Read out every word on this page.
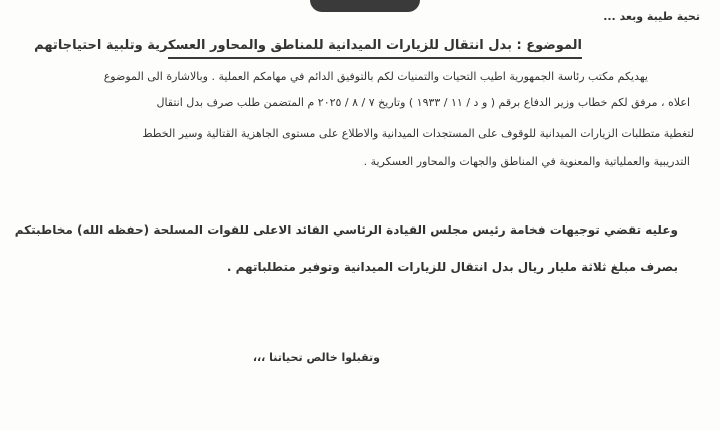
تحية طيبة وبعد ...
الموضوع : بدل انتقال للزيارات الميدانية للمناطق والمحاور العسكرية وتلبية احتياجاتهم
يهديكم مكتب رئاسة الجمهورية اطيب التحيات والتمنيات لكم بالتوفيق الدائم في مهامكم العملية . وبالاشارة الى الموضوع
اعلاه ، مرفق لكم خطاب وزير الدفاع برقم ( و د / ١١ / ١٩٣٣ ) وتاريخ ٧ / ٨ / ٢٠٢٥ م المتضمن طلب صرف بدل انتقال
لتغطية متطلبات الزيارات الميدانية للوقوف على المستجدات الميدانية والاطلاع على مستوى الجاهزية القتالية وسير الخطط
التدريبية والعملياتية والمعنوية في المناطق والجهات والمحاور العسكرية .
وعليه تقضي توجيهات فخامة رئيس مجلس القيادة الرئاسي القائد الاعلى للقوات المسلحة (حفظه الله) مخاطبتكم
بصرف مبلغ ثلاثة مليار ريال بدل انتقال للزيارات الميدانية وتوفير متطلباتهم .
وتقبلوا خالص تحياتنا ،،،
